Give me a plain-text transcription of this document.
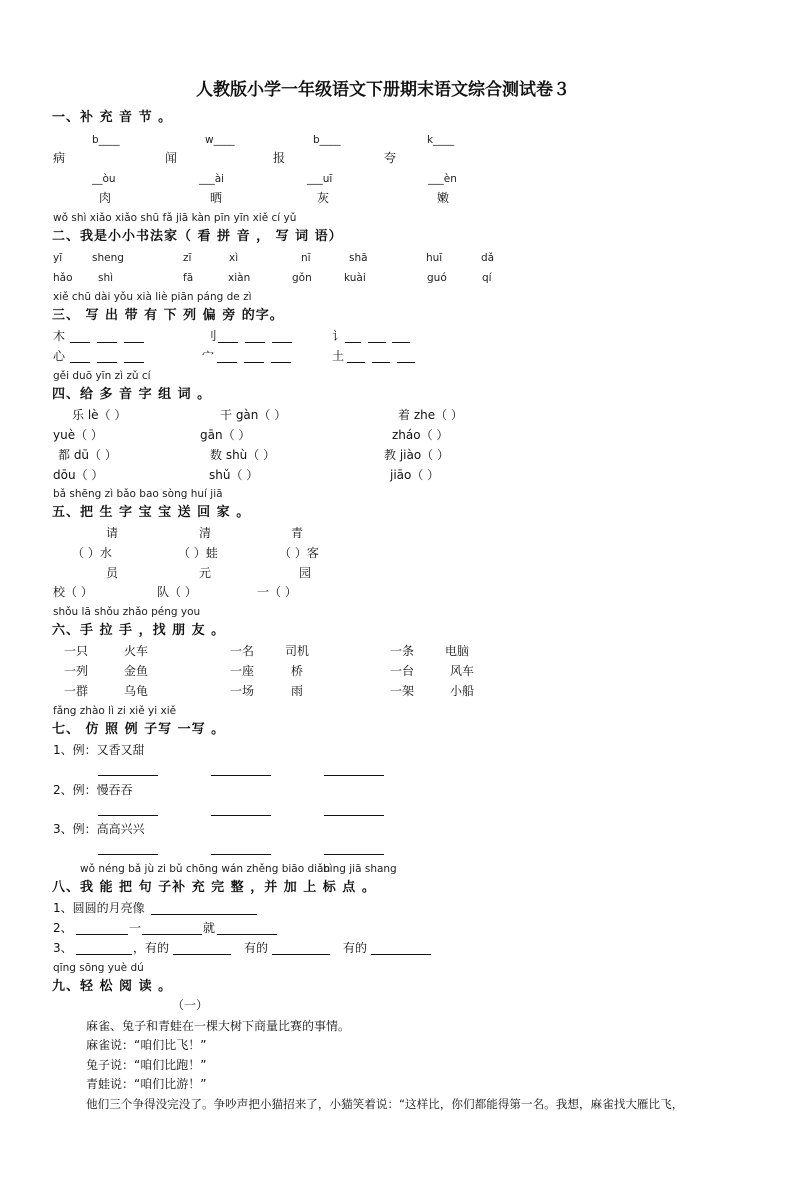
人教版小学一年级语文下册期末语文综合测试卷３
一、补 充 音 节 。
b____	w____	b____	k____
病	闻	报	夸
__òu	___ài	___uī	___èn
肉	晒	灰	嫩
wǒ shì xiǎo xiǎo shū fǎ jiā kàn pīn yīn xiě cí yǔ
二、我是小小书法家（ 看 拼 音 ， 写 词 语）
yī	sheng	zī	xì	nī	shā	huī	dǎ
hǎo shì	fā	xiàn	gǒn	kuài	guó	qí
xiě chū dài yǒu xià liè piān páng de zì
三、 写 出 带 有 下 列 偏 旁 的字。
木	刂	讠
心	宀	土
gěi duō yīn zì zǔ cí
四、给 多 音 字 组 词 。
乐 lè（ ）	干 gàn（ ）	着 zhe（ ）
yuè（ ）	gān（ ）	zháo（ ）
都 dū（ ）	数 shù（ ）	教 jiào（ ）
dōu（ ）	shǔ（ ）	jiāo（ ）
bǎ shēng zì bǎo bao sòng huí jiā
五、把 生 字 宝 宝 送 回 家 。
请	清	青
（ ）水	（ ）蛙	（ ）客
员	元	园
校（ ）	队（ ）	一（ ）
shǒu lā shǒu zhǎo péng you
六、手 拉 手 ，找 朋 友 。
一只	火车	一名	司机	一条	电脑
一列	金鱼	一座	桥	一台	风车
一群	乌龟	一场	雨	一架	小船
fǎng zhào lì zi xiě yi xiě
七、 仿 照 例 子写 一写 。
1、例：又香又甜
2、例：慢吞吞
3、例：高高兴兴
wǒ néng bǎ jù zi bǔ chōng wán zhěng biāo diǎn
bìng jiā shang
八、我 能 把 句 子补 充 完 整 ，并 加 上 标 点 。
1、圆圆的月亮像
2、	一	就
3、	，有的	有的	有的
qīng sōng yuè dú
九、轻 松 阅 读 。
（一）
麻雀、兔子和青蛙在一棵大树下商量比赛的事情。
麻雀说：“咱们比飞！”
兔子说：“咱们比跑！”
青蛙说：“咱们比游！”
他们三个争得没完没了。争吵声把小猫招来了，小猫笑着说：“这样比，你们都能得第一名。我想，麻雀找大雁比飞，
